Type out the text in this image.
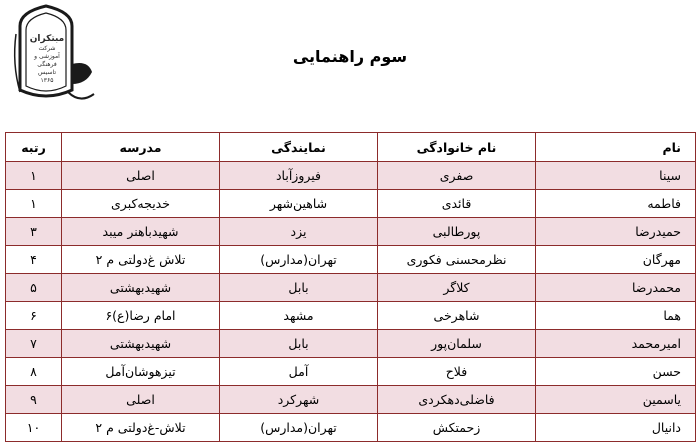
مبتکران
شرکت
آموزشی و فرهنگی
تاسیس
۱۳۶۵
سوم راهنمایی
نام	نام خانوادگی	نمایندگی	مدرسه	رتبه
سینا	صفری	فیروزآباد	اصلی	۱
فاطمه	قائدی	شاهین‌شهر	خدیجه‌کبری	۱
حمیدرضا	پورطالبی	یزد	شهیدباهنر میبد	۳
مهرگان	نظرمحسنی فکوری	تهران(مدارس)	تلاش غ‌دولتی م ۲	۴
محمدرضا	کلاگر	بابل	شهیدبهشتی	۵
هما	شاهرخی	مشهد	امام رضا(ع)۶	۶
امیرمحمد	سلمان‌پور	بابل	شهیدبهشتی	۷
حسن	فلاح	آمل	تیزهوشان‌آمل	۸
یاسمین	فاضلی‌دهکردی	شهرکرد	اصلی	۹
دانیال	زحمتکش	تهران(مدارس)	تلاش-غ‌دولتی م ۲	۱۰
